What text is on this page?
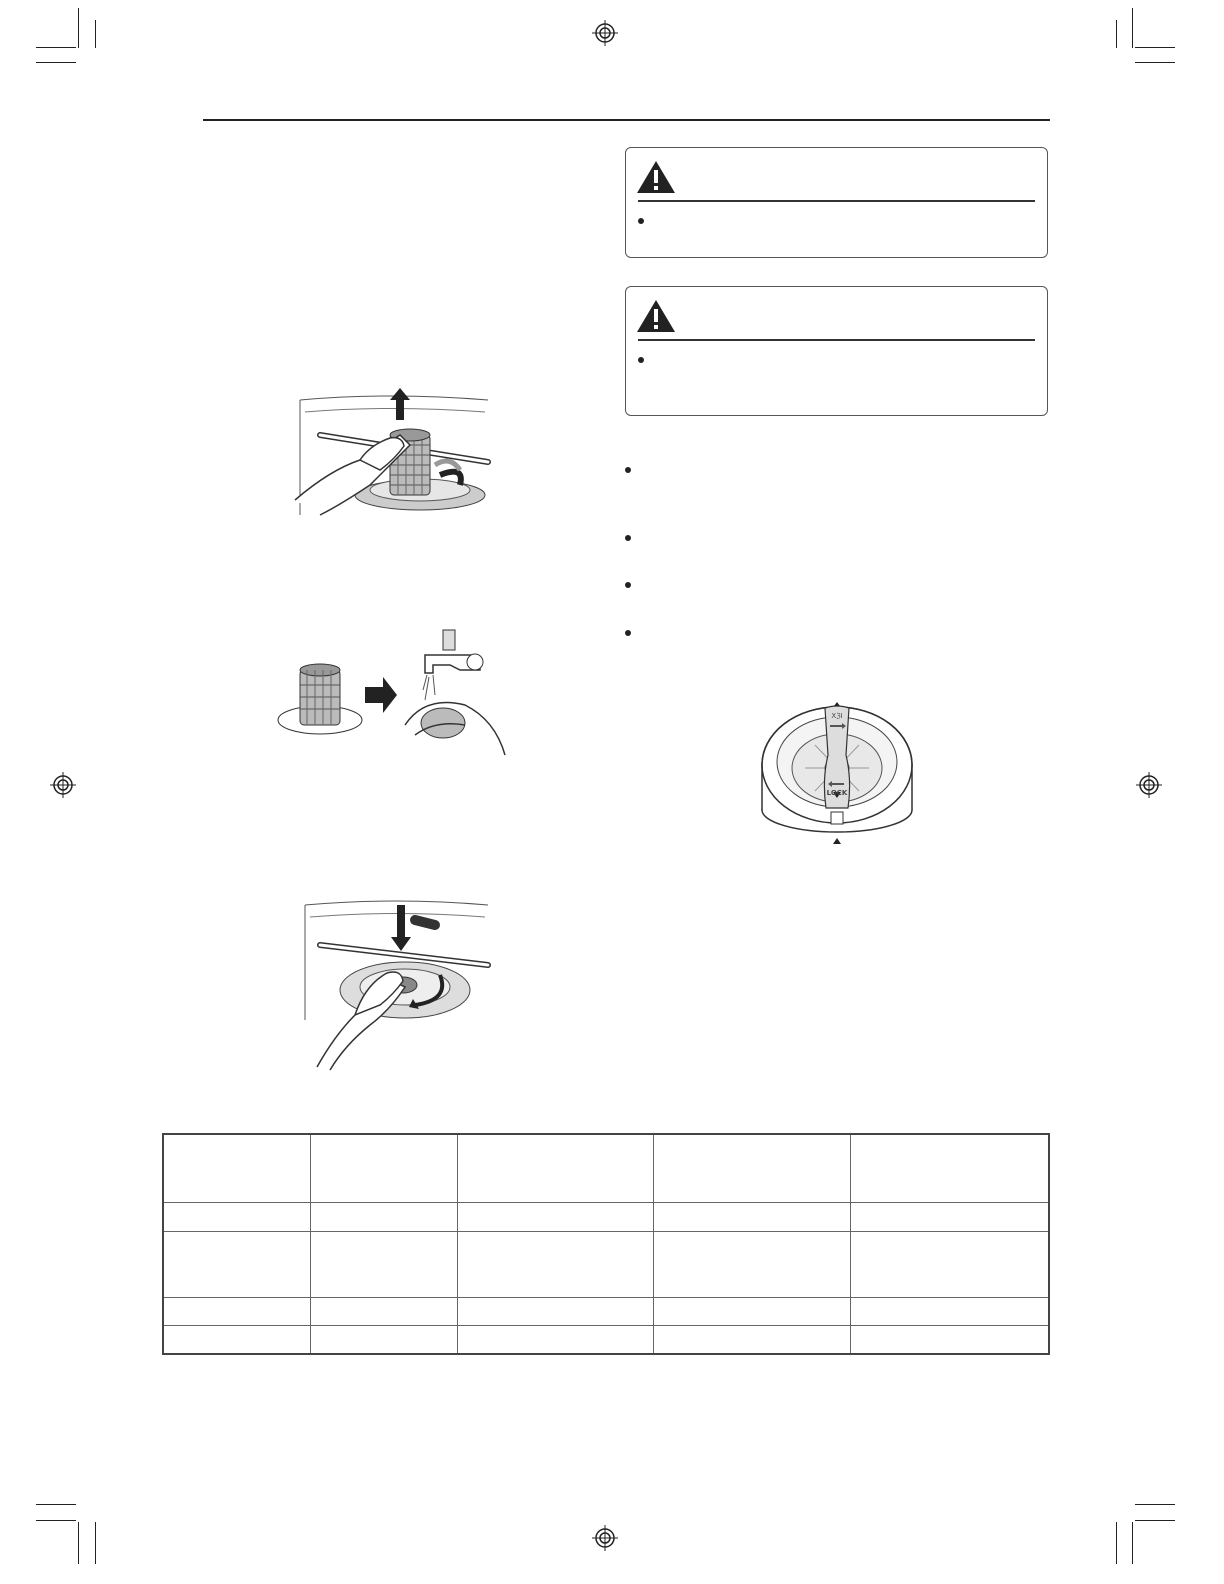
ⅩℨⅠ
LOCK
